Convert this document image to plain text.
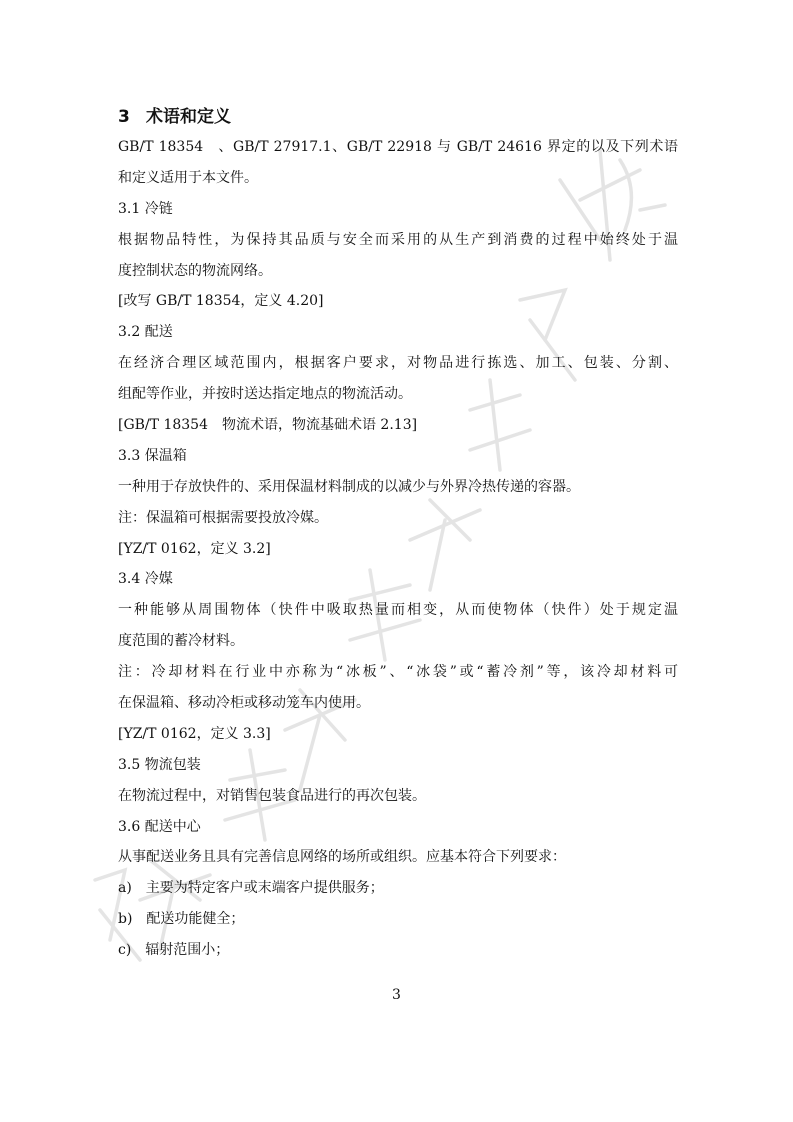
3 术语和定义

GB/T 18354　、GB/T 27917.1、GB/T 22918 与 GB/T 24616 界定的以及下列术语

和定义适用于本文件。

3.1 冷链

根据物品特性，为保持其品质与安全而采用的从生产到消费的过程中始终处于温

度控制状态的物流网络。

[改写 GB/T 18354，定义 4.20]

3.2 配送

在经济合理区域范围内，根据客户要求，对物品进行拣选、加工、包装、分割、

组配等作业，并按时送达指定地点的物流活动。

[GB/T 18354　物流术语，物流基础术语 2.13]

3.3 保温箱

一种用于存放快件的、采用保温材料制成的以减少与外界冷热传递的容器。

注：保温箱可根据需要投放冷媒。

[YZ/T 0162，定义 3.2]

3.4 冷媒

一种能够从周围物体（快件中吸取热量而相变，从而使物体（快件）处于规定温

度范围的蓄冷材料。

注：冷却材料在行业中亦称为“冰板”、“冰袋”或“蓄冷剂”等，该冷却材料可

在保温箱、移动冷柜或移动笼车内使用。

[YZ/T 0162，定义 3.3]

3.5 物流包装

在物流过程中，对销售包装食品进行的再次包装。

3.6 配送中心

从事配送业务且具有完善信息网络的场所或组织。应基本符合下列要求：

a)　主要为特定客户或末端客户提供服务；

b)　配送功能健全；

c)　辐射范围小；

3
